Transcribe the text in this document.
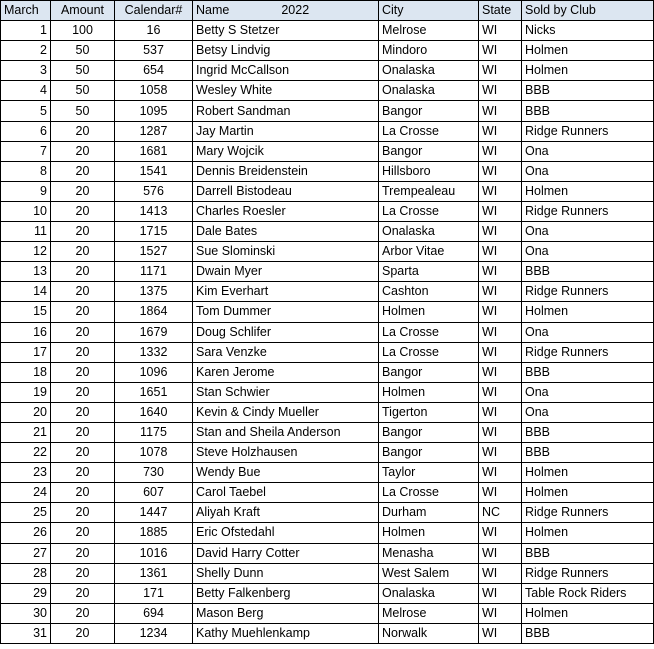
March	Amount	Calendar#	Name 2022	City	State	Sold by Club
1	100	16	Betty S Stetzer	Melrose	WI	Nicks
2	50	537	Betsy Lindvig	Mindoro	WI	Holmen
3	50	654	Ingrid McCallson	Onalaska	WI	Holmen
4	50	1058	Wesley White	Onalaska	WI	BBB
5	50	1095	Robert Sandman	Bangor	WI	BBB
6	20	1287	Jay Martin	La Crosse	WI	Ridge Runners
7	20	1681	Mary Wojcik	Bangor	WI	Ona
8	20	1541	Dennis Breidenstein	Hillsboro	WI	Ona
9	20	576	Darrell Bistodeau	Trempealeau	WI	Holmen
10	20	1413	Charles Roesler	La Crosse	WI	Ridge Runners
11	20	1715	Dale Bates	Onalaska	WI	Ona
12	20	1527	Sue Slominski	Arbor Vitae	WI	Ona
13	20	1171	Dwain Myer	Sparta	WI	BBB
14	20	1375	Kim Everhart	Cashton	WI	Ridge Runners
15	20	1864	Tom Dummer	Holmen	WI	Holmen
16	20	1679	Doug Schlifer	La Crosse	WI	Ona
17	20	1332	Sara Venzke	La Crosse	WI	Ridge Runners
18	20	1096	Karen Jerome	Bangor	WI	BBB
19	20	1651	Stan Schwier	Holmen	WI	Ona
20	20	1640	Kevin & Cindy Mueller	Tigerton	WI	Ona
21	20	1175	Stan and Sheila Anderson	Bangor	WI	BBB
22	20	1078	Steve Holzhausen	Bangor	WI	BBB
23	20	730	Wendy Bue	Taylor	WI	Holmen
24	20	607	Carol Taebel	La Crosse	WI	Holmen
25	20	1447	Aliyah Kraft	Durham	NC	Ridge Runners
26	20	1885	Eric Ofstedahl	Holmen	WI	Holmen
27	20	1016	David Harry Cotter	Menasha	WI	BBB
28	20	1361	Shelly Dunn	West Salem	WI	Ridge Runners
29	20	171	Betty Falkenberg	Onalaska	WI	Table Rock Riders
30	20	694	Mason Berg	Melrose	WI	Holmen
31	20	1234	Kathy Muehlenkamp	Norwalk	WI	BBB
